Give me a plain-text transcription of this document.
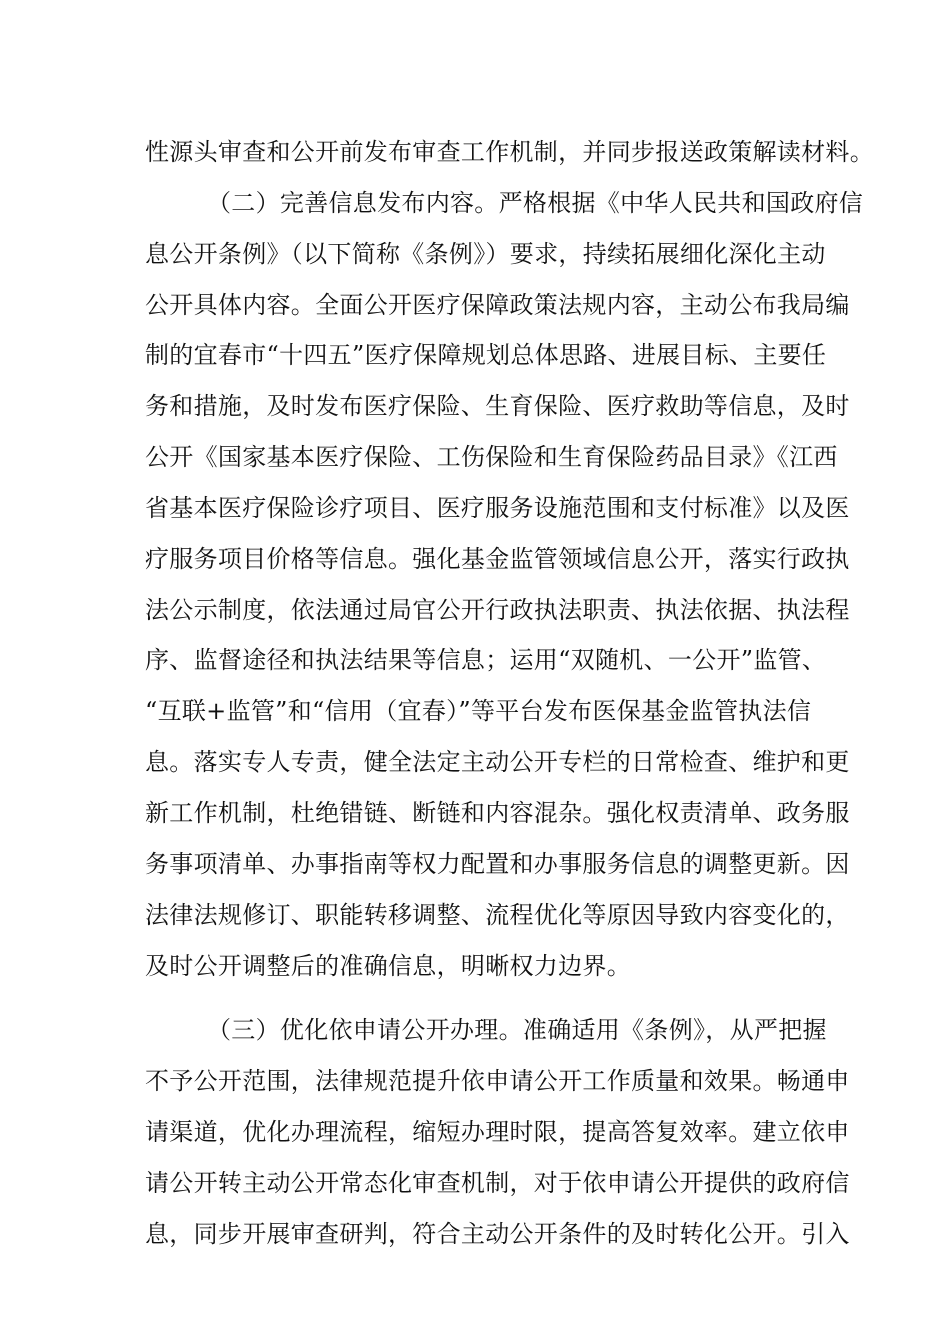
性源头审查和公开前发布审查工作机制，并同步报送政策解读材料。
（二）完善信息发布内容。严格根据《中华人民共和国政府信
息公开条例》（以下简称《条例》）要求，持续拓展细化深化主动
公开具体内容。全面公开医疗保障政策法规内容，主动公布我局编
制的宜春市“十四五”医疗保障规划总体思路、进展目标、主要任
务和措施，及时发布医疗保险、生育保险、医疗救助等信息，及时
公开《国家基本医疗保险、工伤保险和生育保险药品目录》《江西
省基本医疗保险诊疗项目、医疗服务设施范围和支付标准》以及医
疗服务项目价格等信息。强化基金监管领域信息公开，落实行政执
法公示制度，依法通过局官公开行政执法职责、执法依据、执法程
序、监督途径和执法结果等信息；运用“双随机、一公开”监管、
“互联+监管”和“信用（宜春）”等平台发布医保基金监管执法信
息。落实专人专责，健全法定主动公开专栏的日常检查、维护和更
新工作机制，杜绝错链、断链和内容混杂。强化权责清单、政务服
务事项清单、办事指南等权力配置和办事服务信息的调整更新。因
法律法规修订、职能转移调整、流程优化等原因导致内容变化的，
及时公开调整后的准确信息，明晰权力边界。
（三）优化依申请公开办理。准确适用《条例》，从严把握
不予公开范围，法律规范提升依申请公开工作质量和效果。畅通申
请渠道，优化办理流程，缩短办理时限，提高答复效率。建立依申
请公开转主动公开常态化审查机制，对于依申请公开提供的政府信
息，同步开展审查研判，符合主动公开条件的及时转化公开。引入
